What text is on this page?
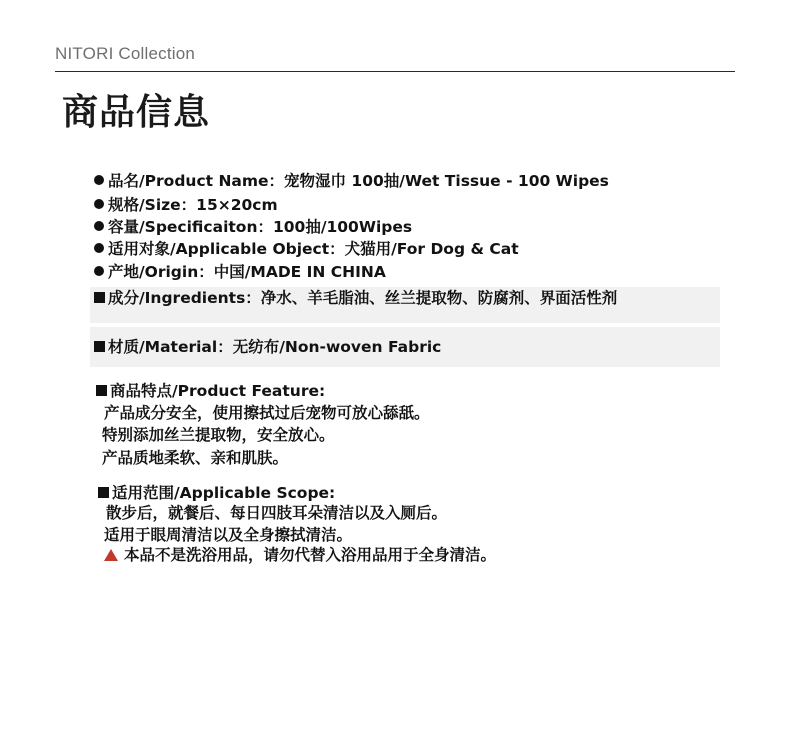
NITORI Collection
商品信息
品名/Product Name：宠物湿巾 100抽/Wet Tissue - 100 Wipes
规格/Size：15×20cm
容量/Specificaiton：100抽/100Wipes
适用对象/Applicable Object：犬猫用/For Dog & Cat
产地/Origin：中国/MADE IN CHINA
成分/Ingredients：净水、羊毛脂油、丝兰提取物、防腐剂、界面活性剂
材质/Material：无纺布/Non-woven Fabric
商品特点/Product Feature:
产品成分安全，使用擦拭过后宠物可放心舔舐。
特别添加丝兰提取物，安全放心。
产品质地柔软、亲和肌肤。
适用范围/Applicable Scope:
散步后，就餐后、每日四肢耳朵清洁以及入厕后。
适用于眼周清洁以及全身擦拭清洁。
本品不是洗浴用品，请勿代替入浴用品用于全身清洁。
